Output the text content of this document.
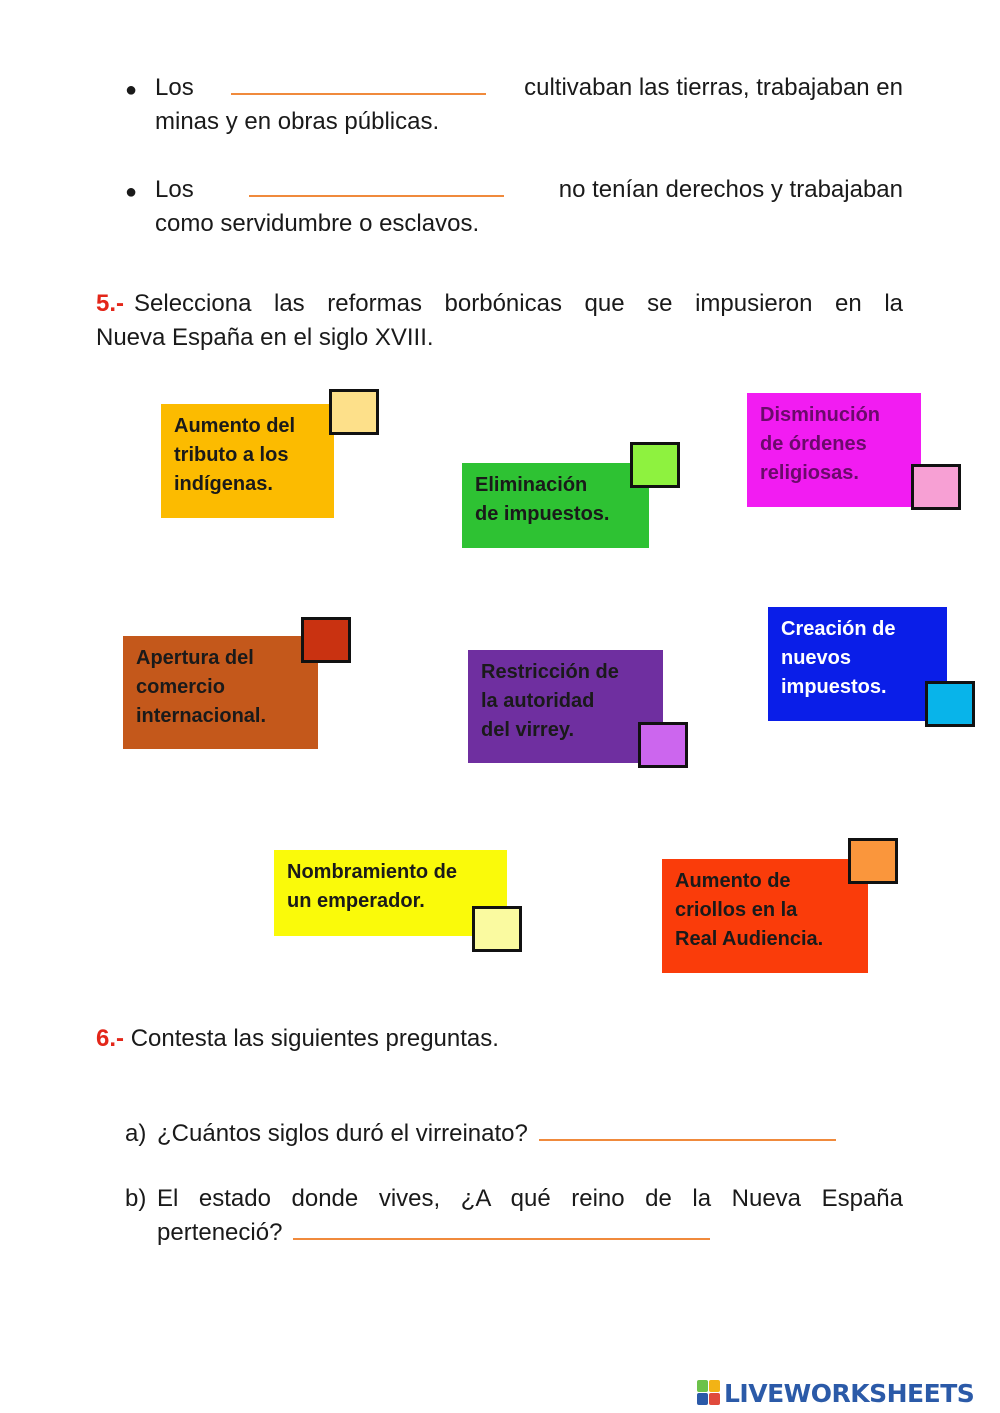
● Los	cultivaban las tierras, trabajaban en
minas y en obras públicas.
● Los	no tenían derechos y trabajaban
como servidumbre o esclavos.
5.- Selecciona las reformas borbónicas que se impusieron en la
Nueva España en el siglo XVIII.
Aumento del
tributo a los
indígenas.	Eliminación
de impuestos.
Disminución
de órdenes
religiosas.
Apertura del
comercio
internacional.
Restricción de
la autoridad
del virrey.
Creación de
nuevos
impuestos.
Nombramiento de
un emperador.
Aumento de
criollos en la
Real Audiencia.
6.- Contesta las siguientes preguntas.
a) ¿Cuántos siglos duró el virreinato?
b) El estado donde vives, ¿A qué reino de la Nueva España
perteneció?
LIVEWORKSHEETS
